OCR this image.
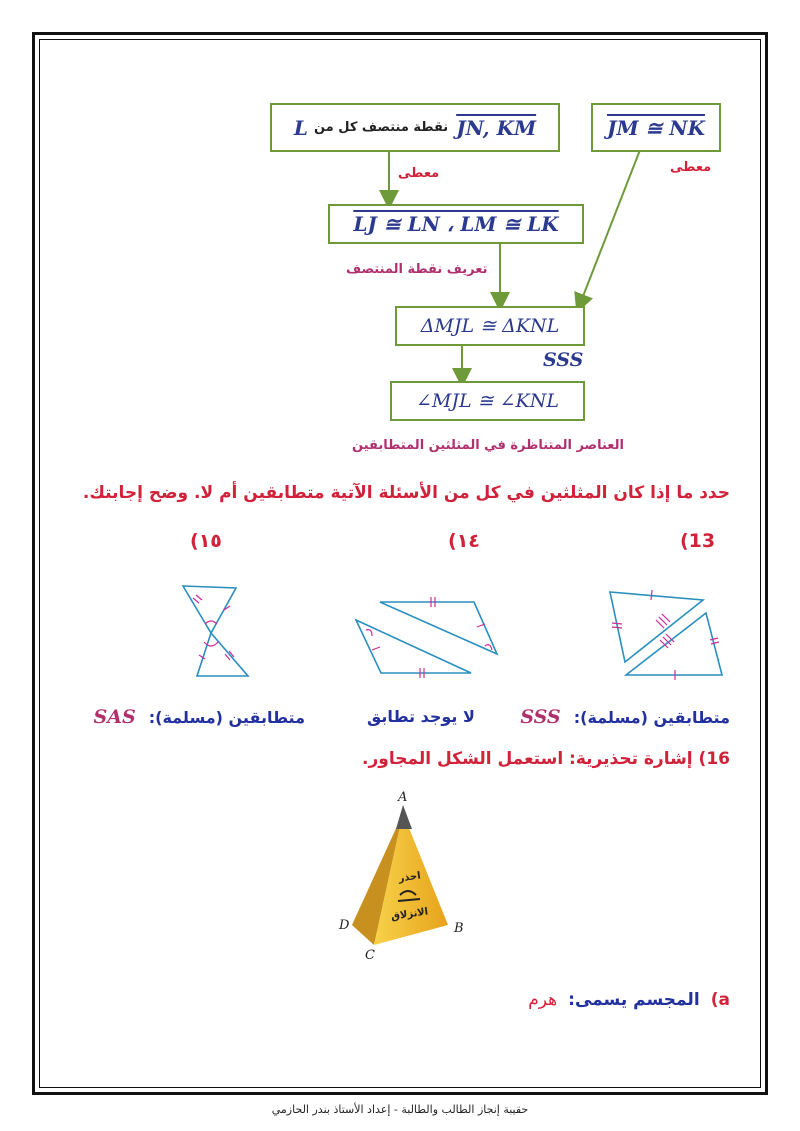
L نقطة منتصف كل من JN, KM	JM ≅ NK
معطى	معطى
LJ ≅ LN ، LM ≅ LK
تعريف نقطة المنتصف
ΔMJL ≅ ΔKNL
SSS
∠MJL ≅ ∠KNL
العناصر المتناظرة في المثلثين المتطابقين
حدد ما إذا كان المثلثين في كل من الأسئلة الآتية متطابقين أم لا. وضح إجابتك.
(13
(١٤
(١٥
متطابقين (مسلمة): SSS
لا يوجد تطابق
متطابقين (مسلمة): SAS
16) إشارة تحذيرية: استعمل الشكل المجاور.
احذر
الانزلاق
A
B
C
D
a) المجسم يسمى: هرم
حقيبة إنجاز الطالب والطالبة - إعداد الأستاذ بندر الحازمي
